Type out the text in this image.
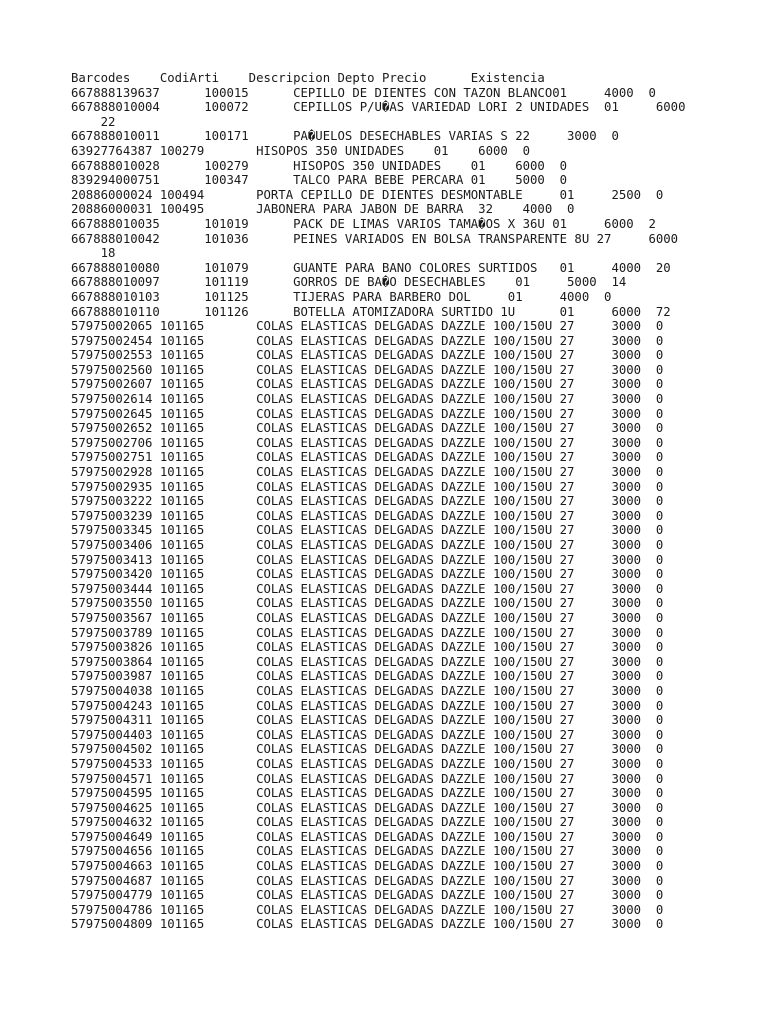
Barcodes    CodiArti    Descripcion Depto Precio      Existencia
667888139637      100015      CEPILLO DE DIENTES CON TAZON BLANCO01     4000  0
667888010004      100072      CEPILLOS P/U�AS VARIEDAD LORI 2 UNIDADES  01     6000
22
667888010011      100171      PA�UELOS DESECHABLES VARIAS S 22     3000  0
63927764387 100279       HISOPOS 350 UNIDADES    01    6000  0
667888010028      100279      HISOPOS 350 UNIDADES    01    6000  0
839294000751      100347      TALCO PARA BEBE PERCARA 01    5000  0
20886000024 100494       PORTA CEPILLO DE DIENTES DESMONTABLE     01     2500  0
20886000031 100495       JABONERA PARA JABON DE BARRA  32    4000  0
667888010035      101019      PACK DE LIMAS VARIOS TAMA�OS X 36U 01     6000  2
667888010042      101036      PEINES VARIADOS EN BOLSA TRANSPARENTE 8U 27     6000
18
667888010080      101079      GUANTE PARA BANO COLORES SURTIDOS   01     4000  20
667888010097      101119      GORROS DE BA�O DESECHABLES    01     5000  14
667888010103      101125      TIJERAS PARA BARBERO DOL     01     4000  0
667888010110      101126      BOTELLA ATOMIZADORA SURTIDO 1U      01     6000  72
57975002065 101165       COLAS ELASTICAS DELGADAS DAZZLE 100/150U 27     3000  0
57975002454 101165       COLAS ELASTICAS DELGADAS DAZZLE 100/150U 27     3000  0
57975002553 101165       COLAS ELASTICAS DELGADAS DAZZLE 100/150U 27     3000  0
57975002560 101165       COLAS ELASTICAS DELGADAS DAZZLE 100/150U 27     3000  0
57975002607 101165       COLAS ELASTICAS DELGADAS DAZZLE 100/150U 27     3000  0
57975002614 101165       COLAS ELASTICAS DELGADAS DAZZLE 100/150U 27     3000  0
57975002645 101165       COLAS ELASTICAS DELGADAS DAZZLE 100/150U 27     3000  0
57975002652 101165       COLAS ELASTICAS DELGADAS DAZZLE 100/150U 27     3000  0
57975002706 101165       COLAS ELASTICAS DELGADAS DAZZLE 100/150U 27     3000  0
57975002751 101165       COLAS ELASTICAS DELGADAS DAZZLE 100/150U 27     3000  0
57975002928 101165       COLAS ELASTICAS DELGADAS DAZZLE 100/150U 27     3000  0
57975002935 101165       COLAS ELASTICAS DELGADAS DAZZLE 100/150U 27     3000  0
57975003222 101165       COLAS ELASTICAS DELGADAS DAZZLE 100/150U 27     3000  0
57975003239 101165       COLAS ELASTICAS DELGADAS DAZZLE 100/150U 27     3000  0
57975003345 101165       COLAS ELASTICAS DELGADAS DAZZLE 100/150U 27     3000  0
57975003406 101165       COLAS ELASTICAS DELGADAS DAZZLE 100/150U 27     3000  0
57975003413 101165       COLAS ELASTICAS DELGADAS DAZZLE 100/150U 27     3000  0
57975003420 101165       COLAS ELASTICAS DELGADAS DAZZLE 100/150U 27     3000  0
57975003444 101165       COLAS ELASTICAS DELGADAS DAZZLE 100/150U 27     3000  0
57975003550 101165       COLAS ELASTICAS DELGADAS DAZZLE 100/150U 27     3000  0
57975003567 101165       COLAS ELASTICAS DELGADAS DAZZLE 100/150U 27     3000  0
57975003789 101165       COLAS ELASTICAS DELGADAS DAZZLE 100/150U 27     3000  0
57975003826 101165       COLAS ELASTICAS DELGADAS DAZZLE 100/150U 27     3000  0
57975003864 101165       COLAS ELASTICAS DELGADAS DAZZLE 100/150U 27     3000  0
57975003987 101165       COLAS ELASTICAS DELGADAS DAZZLE 100/150U 27     3000  0
57975004038 101165       COLAS ELASTICAS DELGADAS DAZZLE 100/150U 27     3000  0
57975004243 101165       COLAS ELASTICAS DELGADAS DAZZLE 100/150U 27     3000  0
57975004311 101165       COLAS ELASTICAS DELGADAS DAZZLE 100/150U 27     3000  0
57975004403 101165       COLAS ELASTICAS DELGADAS DAZZLE 100/150U 27     3000  0
57975004502 101165       COLAS ELASTICAS DELGADAS DAZZLE 100/150U 27     3000  0
57975004533 101165       COLAS ELASTICAS DELGADAS DAZZLE 100/150U 27     3000  0
57975004571 101165       COLAS ELASTICAS DELGADAS DAZZLE 100/150U 27     3000  0
57975004595 101165       COLAS ELASTICAS DELGADAS DAZZLE 100/150U 27     3000  0
57975004625 101165       COLAS ELASTICAS DELGADAS DAZZLE 100/150U 27     3000  0
57975004632 101165       COLAS ELASTICAS DELGADAS DAZZLE 100/150U 27     3000  0
57975004649 101165       COLAS ELASTICAS DELGADAS DAZZLE 100/150U 27     3000  0
57975004656 101165       COLAS ELASTICAS DELGADAS DAZZLE 100/150U 27     3000  0
57975004663 101165       COLAS ELASTICAS DELGADAS DAZZLE 100/150U 27     3000  0
57975004687 101165       COLAS ELASTICAS DELGADAS DAZZLE 100/150U 27     3000  0
57975004779 101165       COLAS ELASTICAS DELGADAS DAZZLE 100/150U 27     3000  0
57975004786 101165       COLAS ELASTICAS DELGADAS DAZZLE 100/150U 27     3000  0
57975004809 101165       COLAS ELASTICAS DELGADAS DAZZLE 100/150U 27     3000  0
